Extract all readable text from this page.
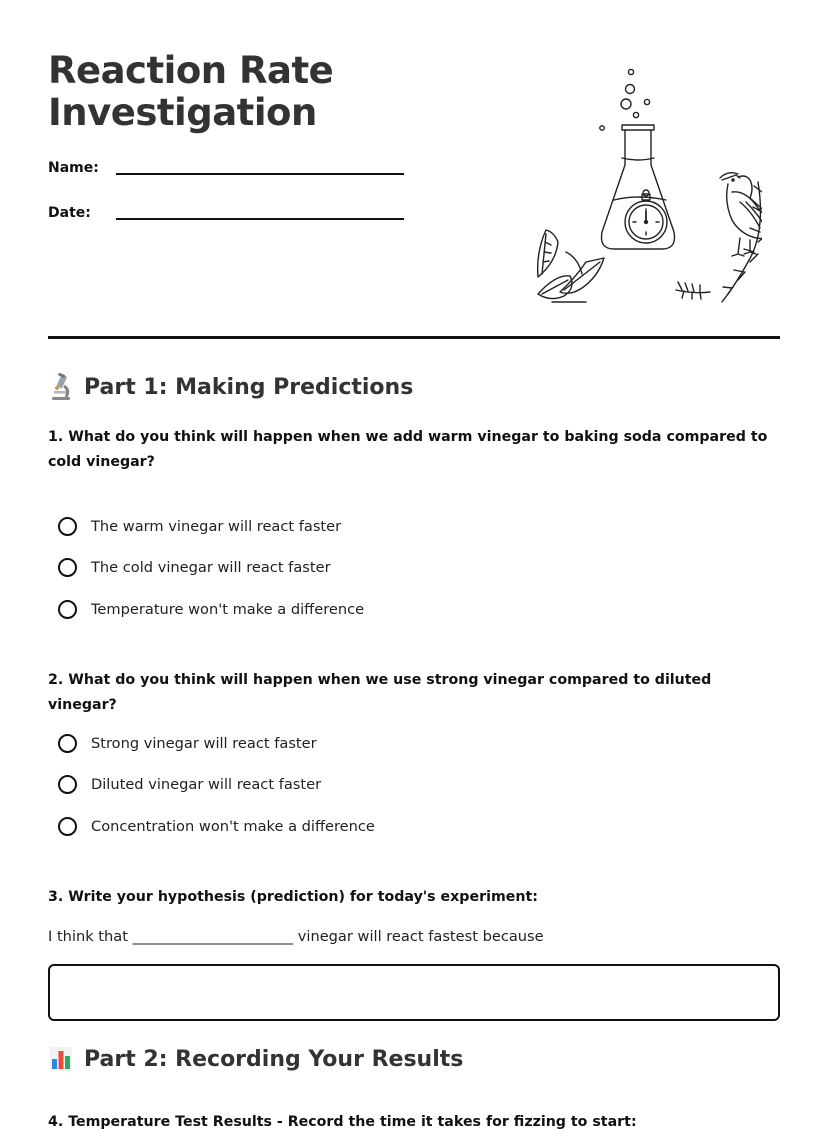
Reaction Rate Investigation
Name:
Date:
Part 1: Making Predictions

1. What do you think will happen when we add warm vinegar to baking soda compared to cold vinegar?

The warm vinegar will react faster
The cold vinegar will react faster
Temperature won't make a difference

2. What do you think will happen when we use strong vinegar compared to diluted vinegar?

Strong vinegar will react faster
Diluted vinegar will react faster
Concentration won't make a difference

3. Write your hypothesis (prediction) for today's experiment:

I think that ______________________ vinegar will react fastest because
Part 2: Recording Your Results

4. Temperature Test Results - Record the time it takes for fizzing to start:
